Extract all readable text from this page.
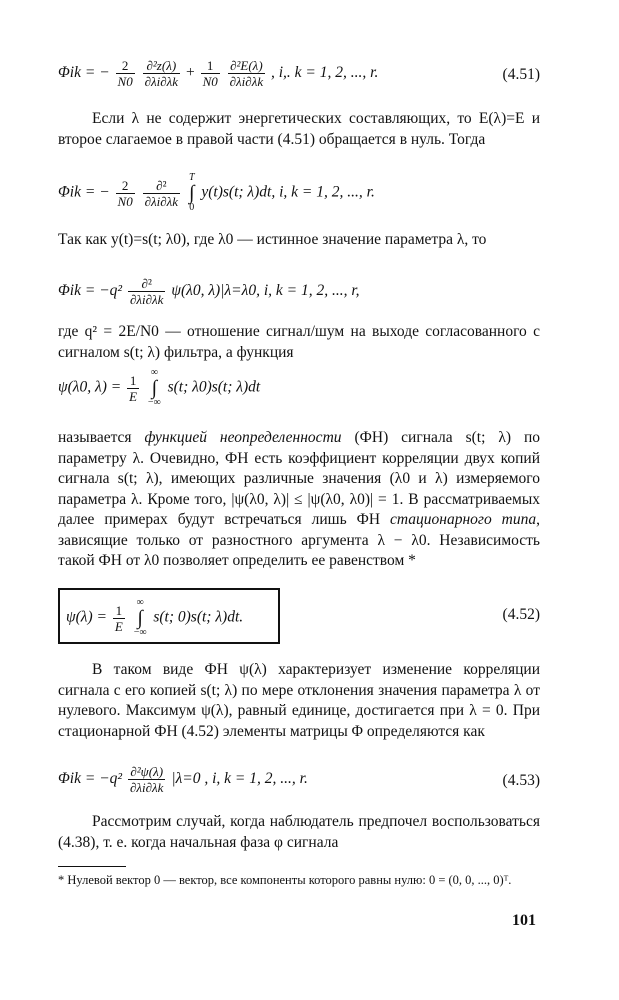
Φik = − $\frac{2}{N0}$
$\frac{\text{∂²z(λ)}}{\partial\lambda i\partial\lambda k} + \frac{1}{N0}$
$\frac{\text{∂²E(λ)}}{\partial\lambda i\partial\lambda k}$ , i,. k = 1, 2, ..., r.	(4.51)

Если λ не содержит энергетических составляющих, то E(λ)=E и второе слагаемое в правой части (4.51) обращается в нуль. Тогда

Φik = − $\frac{2}{N0}$
$\frac{\text{∂²}}{\partial\lambda i\partial\lambda k}$ T
∫
0 y(t)s(t; λ)dt, i, k = 1, 2, ..., r.

Так как y(t)=s(t; λ0), где λ0 — истинное значение параметра λ, то

$\Phi ik = -q^2 \frac{\text{∂²}}{\partial\lambda i\partial\lambda k} \psi(\lambda 0$, λ)|λ=λ0, i, k = 1, 2, ..., r,

где q² = 2E/N0 — отношение сигнал/шум на выходе согласованного с сигналом s(t; λ) фильтра, а функция

ψ(λ0, $\lambda) = \frac{1}{E}$ ∞
∫
−∞ s(t; λ0)s(t; λ)dt

называется функцией неопределенности (ФН) сигнала s(t; λ) по параметру λ. Очевидно, ФН есть коэффициент корреляции двух копий сигнала s(t; λ), имеющих различные значения (λ0 и λ) измеряемого параметра λ. Кроме того, |ψ(λ0, λ)| ≤ |ψ(λ0, λ0)| = 1. В рассматриваемых далее примерах будут встречаться лишь ФН стационарного типа, зависящие только от разностного аргумента λ − λ0. Независимость такой ФН от λ0 позволяет определить ее равенством *

$\psi(\lambda) = \frac{1}{E}$ ∞
∫
−∞ s(t; 0)s(t; λ)dt.	(4.52)

В таком виде ФН ψ(λ) характеризует изменение корреляции сигнала с его копией s(t; λ) по мере отклонения значения параметра λ от нулевого. Максимум ψ(λ), равный единице, достигается при λ = 0. При стационарной ФН (4.52) элементы матрицы Φ определяются как

$\Phi ik = -q^2 \frac{\text{∂²ψ(λ)}}{\partial\lambda i\partial\lambda k} |\lambda=0$ , i, k = 1, 2, ..., r.	(4.53)

Рассмотрим случай, когда наблюдатель предпочел воспользоваться (4.38), т. е. когда начальная фаза φ сигнала

* Нулевой вектор 0 — вектор, все компоненты которого равны нулю: 0 = (0, 0, ..., 0)ᵀ.
101
